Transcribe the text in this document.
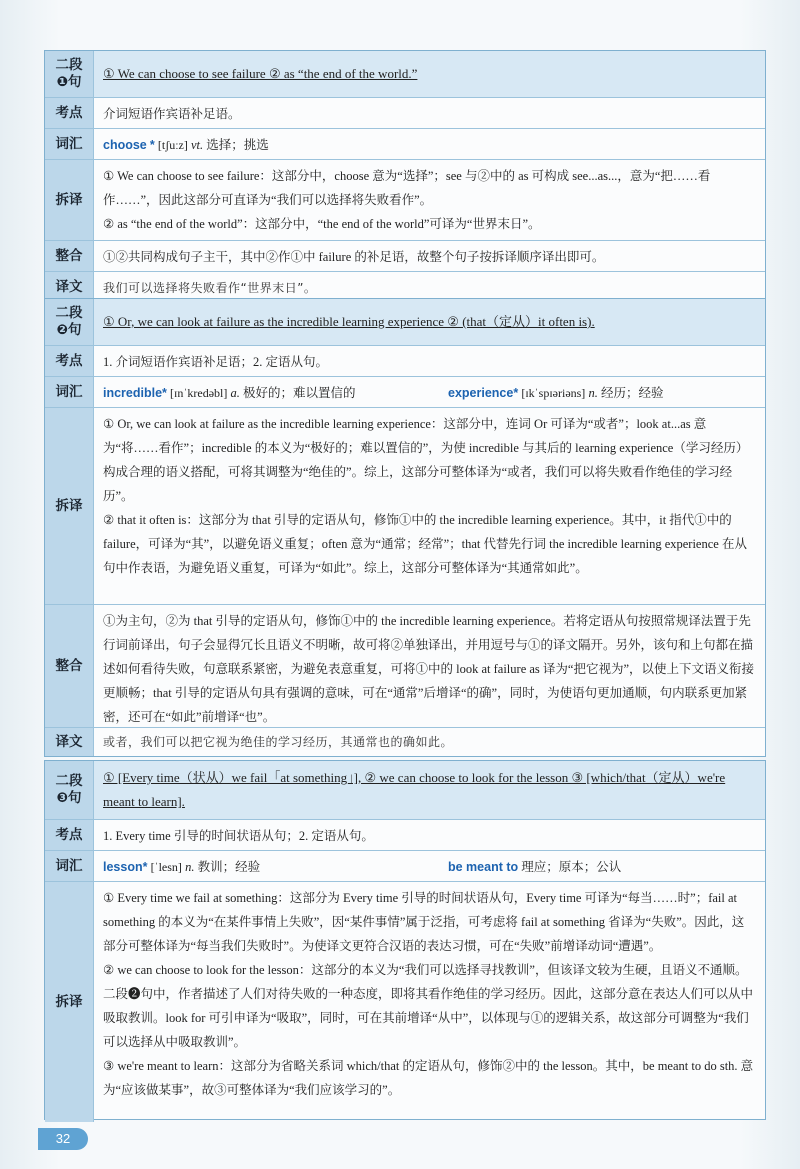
二段
❶句
① We can choose to see failure ② as “the end of the world.”
考点	介词短语作宾语补足语。
词汇	choose * [tʃuːz] vt. 选择；挑选
拆译

① We can choose to see failure：这部分中，choose 意为“选择”；see 与②中的 as 可构成 see...as...，意为“把……看作……”，因此这部分可直译为“我们可以选择将失败看作”。

② as “the end of the world”：这部分中，“the end of the world”可译为“世界末日”。

整合	①②共同构成句子主干，其中②作①中 failure 的补足语，故整个句子按拆译顺序译出即可。
译文	我们可以选择将失败看作“世界末日”。
二段
❷句
① Or, we can look at failure as the incredible learning experience ② (that（定从）it often is).
考点	1. 介词短语作宾语补足语；2. 定语从句。
词汇 incredible* [ɪnˈkredəbl] a. 极好的；难以置信的	experience* [ɪkˈspɪəriəns] n. 经历；经验
拆译

① Or, we can look at failure as the incredible learning experience：这部分中，连词 Or 可译为“或者”；look at...as 意为“将……看作”；incredible 的本义为“极好的；难以置信的”，为使 incredible 与其后的 learning experience（学习经历）构成合理的语义搭配，可将其调整为“绝佳的”。综上，这部分可整体译为“或者，我们可以将失败看作绝佳的学习经历”。

② that it often is：这部分为 that 引导的定语从句，修饰①中的 the incredible learning experience。其中，it 指代①中的 failure，可译为“其”，以避免语义重复；often 意为“通常；经常”；that 代替先行词 the incredible learning experience 在从句中作表语，为避免语义重复，可译为“如此”。综上，这部分可整体译为“其通常如此”。

整合

①为主句，②为 that 引导的定语从句，修饰①中的 the incredible learning experience。若将定语从句按照常规译法置于先行词前译出，句子会显得冗长且语义不明晰，故可将②单独译出，并用逗号与①的译文隔开。另外，该句和上句都在描述如何看待失败，句意联系紧密，为避免表意重复，可将①中的 look at failure as 译为“把它视为”，以使上下文语义衔接更顺畅；that 引导的定语从句具有强调的意味，可在“通常”后增译“的确”，同时，为使语句更加通顺，句内联系更加紧密，还可在“如此”前增译“也”。

译文	或者，我们可以把它视为绝佳的学习经历，其通常也的确如此。
二段
❸句
① [Every time（状从）we fail「at something」], ② we can choose to look for the lesson ③ [which/that（定从）we're meant to learn].
考点	1. Every time 引导的时间状语从句；2. 定语从句。
词汇 lesson* [ˈlesn] n. 教训；经验	be meant to 理应；原本；公认
拆译

① Every time we fail at something：这部分为 Every time 引导的时间状语从句，Every time 可译为“每当……时”；fail at something 的本义为“在某件事情上失败”，因“某件事情”属于泛指，可考虑将 fail at something 省译为“失败”。因此，这部分可整体译为“每当我们失败时”。为使译文更符合汉语的表达习惯，可在“失败”前增译动词“遭遇”。

② we can choose to look for the lesson：这部分的本义为“我们可以选择寻找教训”，但该译文较为生硬，且语义不通顺。二段❷句中，作者描述了人们对待失败的一种态度，即将其看作绝佳的学习经历。因此，这部分意在表达人们可以从中吸取教训。look for 可引申译为“吸取”，同时，可在其前增译“从中”，以体现与①的逻辑关系，故这部分可调整为“我们可以选择从中吸取教训”。

③ we're meant to learn：这部分为省略关系词 which/that 的定语从句，修饰②中的 the lesson。其中，be meant to do sth. 意为“应该做某事”，故③可整体译为“我们应该学习的”。

32
